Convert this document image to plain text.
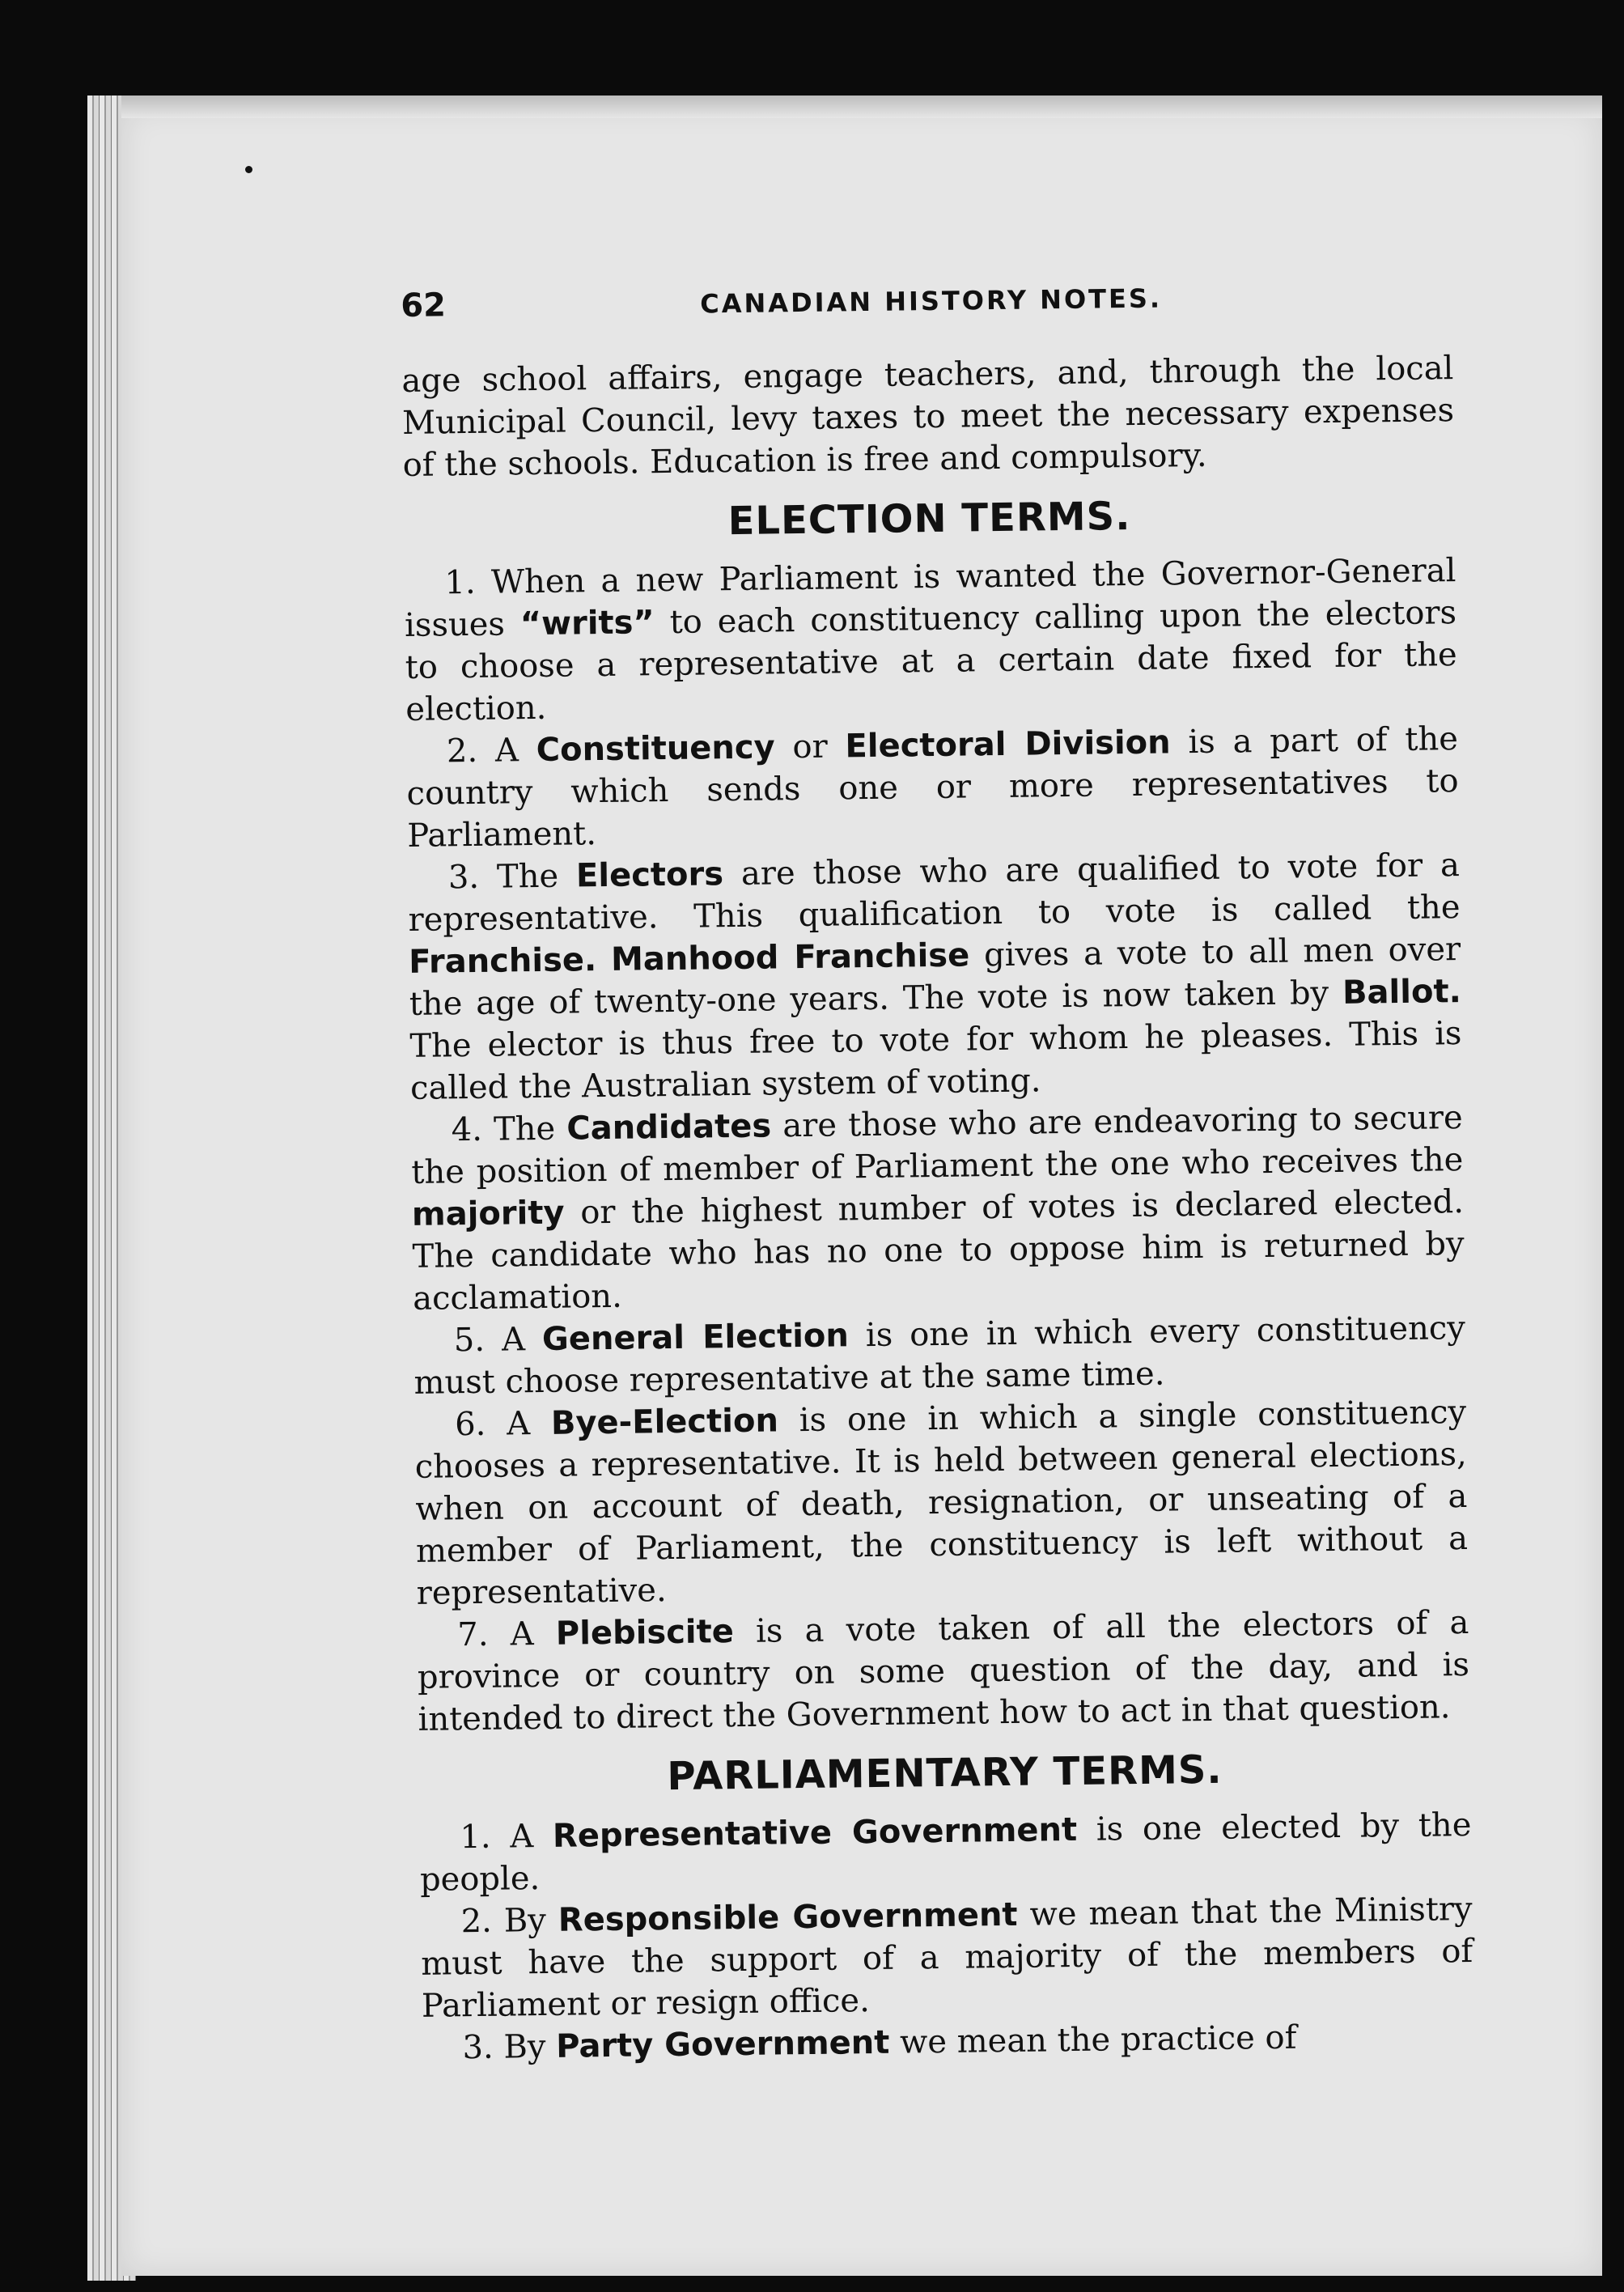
62	CANADIAN HISTORY NOTES.

age school affairs, engage teachers, and, through the local Municipal Council, levy taxes to meet the necessary expenses of the schools. Education is free and compulsory.

ELECTION TERMS.

1. When a new Parliament is wanted the Governor-General issues “writs” to each constituency calling upon the electors to choose a representative at a certain date fixed for the election.

2. A Constituency or Electoral Division is a part of the country which sends one or more representatives to Parliament.

3. The Electors are those who are qualified to vote for a representative. This qualification to vote is called the Franchise. Manhood Franchise gives a vote to all men over the age of twenty-one years. The vote is now taken by Ballot. The elector is thus free to vote for whom he pleases. This is called the Australian system of voting.

4. The Candidates are those who are endeavoring to secure the position of member of Parliament the one who receives the majority or the highest number of votes is declared elected. The candidate who has no one to oppose him is returned by acclamation.

5. A General Election is one in which every constituency must choose representative at the same time.

6. A Bye-Election is one in which a single constituency chooses a representative. It is held between general elections, when on account of death, resignation, or unseating of a member of Parliament, the constituency is left without a representative.

7. A Plebiscite is a vote taken of all the electors of a province or country on some question of the day, and is intended to direct the Government how to act in that question.

PARLIAMENTARY TERMS.

1. A Representative Government is one elected by the people.

2. By Responsible Government we mean that the Ministry must have the support of a majority of the members of Parliament or resign office.

3. By Party Government we mean the practice of
